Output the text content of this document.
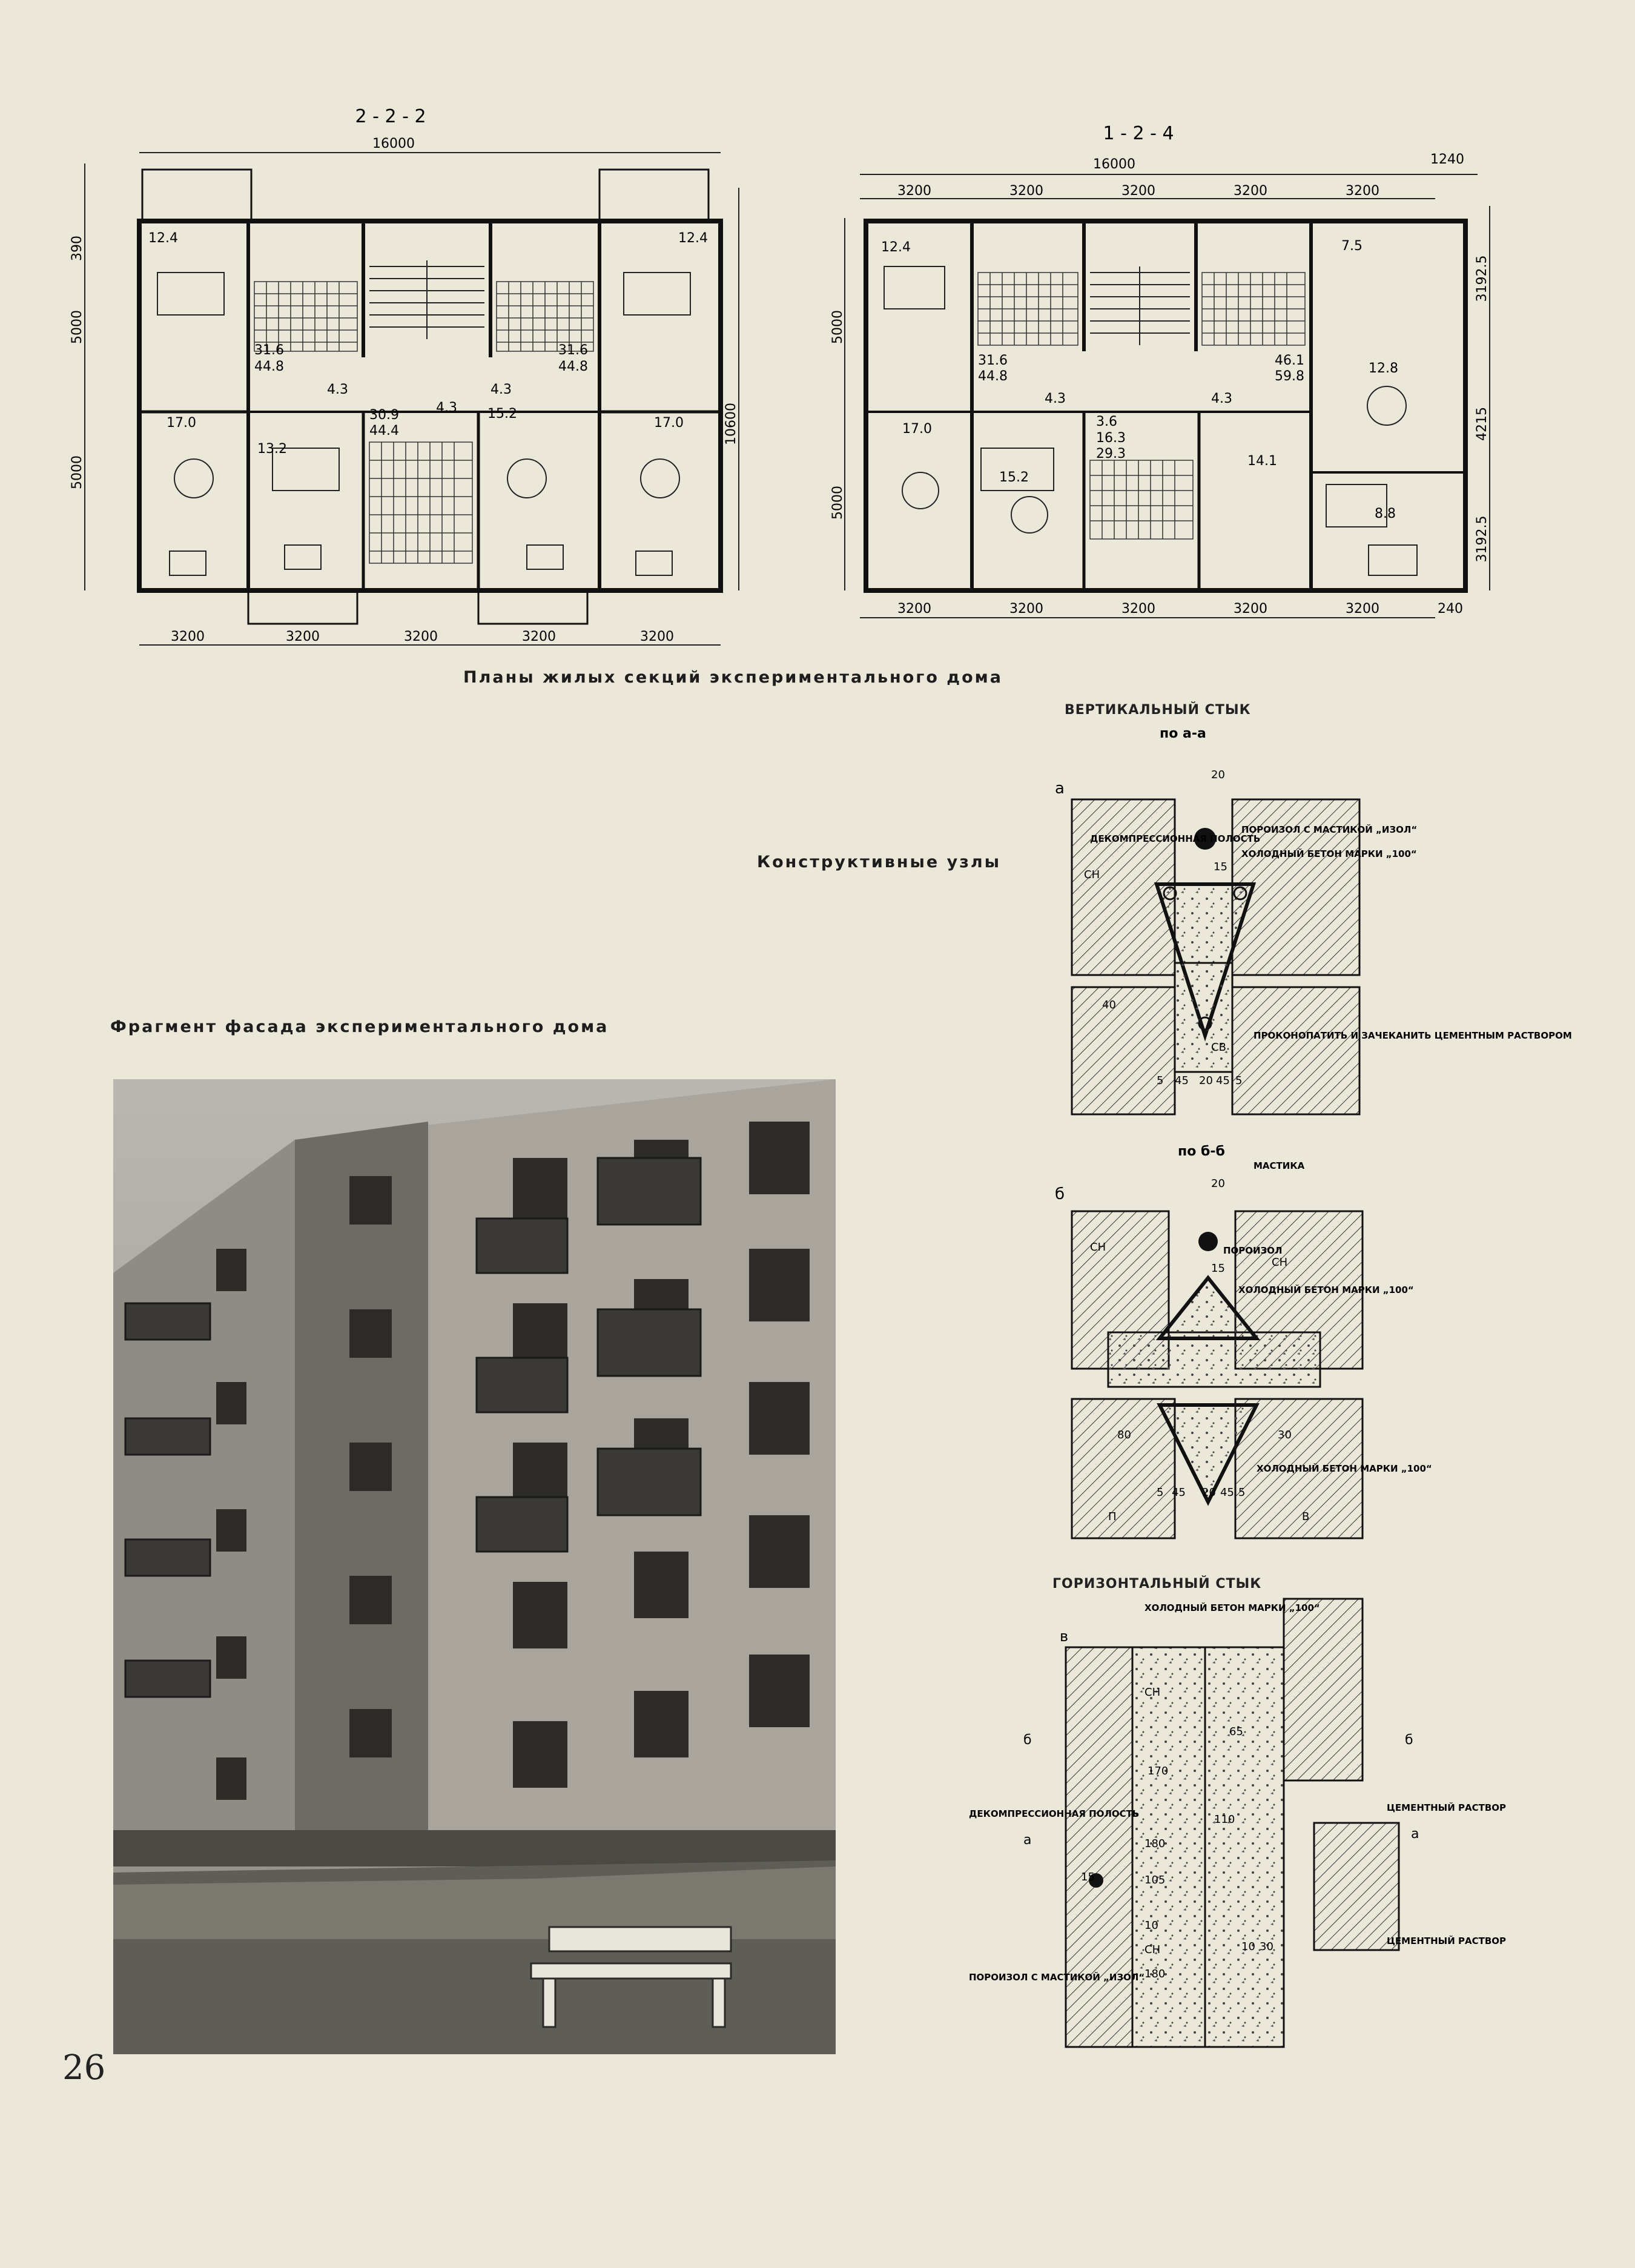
2 - 2 - 2
16000
390
5000
5000
10600
12.4	12.4
17.0	17.0
13.2
15.2
31.6
44.8
31.6
44.8
30.9
44.4
4.3	4.3
4.3
3200	3200	3200	3200	3200
1 - 2 - 4
16000	1240
3200	3200	3200	3200	3200
5000
5000
3192.5
4215
3192.5
12.4	7.5
12.8
17.0
15.2
14.1
8.8
31.6
44.8
46.1
59.8
16.3
29.3
4.3	4.3
3.6
3200	3200	3200	3200	3200	240
Планы жилых секций экспериментального дома
Конструктивные узлы
Фрагмент фасада экспериментального дома
ВЕРТИКАЛЬНЫЙ СТЫК
по а-а
а
20
15
40
5 45 20 45 5
ДЕКОМПРЕССИОННАЯ ПОЛОСТЬ
ПОРОИЗОЛ С МАСТИКОЙ „ИЗОЛ“
ХОЛОДНЫЙ БЕТОН МАРКИ „100“
ПРОКОНОПАТИТЬ И ЗАЧЕКАНИТЬ ЦЕМЕНТНЫМ РАСТВОРОМ
СН
СВ
по б-б
б
20
15
80	30
5 45 20 45 5
МАСТИКА
ПОРОИЗОЛ
ХОЛОДНЫЙ БЕТОН МАРКИ „100“
ХОЛОДНЫЙ БЕТОН МАРКИ „100“
СН
СН
П	В
ГОРИЗОНТАЛЬНЫЙ СТЫК
в
ХОЛОДНЫЙ БЕТОН МАРКИ „100“
ДЕКОМПРЕССИОННАЯ ПОЛОСТЬ
ПОРОИЗОЛ С МАСТИКОЙ „ИЗОЛ“
ЦЕМЕНТНЫЙ РАСТВОР
ЦЕМЕНТНЫЙ РАСТВОР
65
170
110
180
105
10
10 30
180
15
СН
СН
б	б
а	а
26
